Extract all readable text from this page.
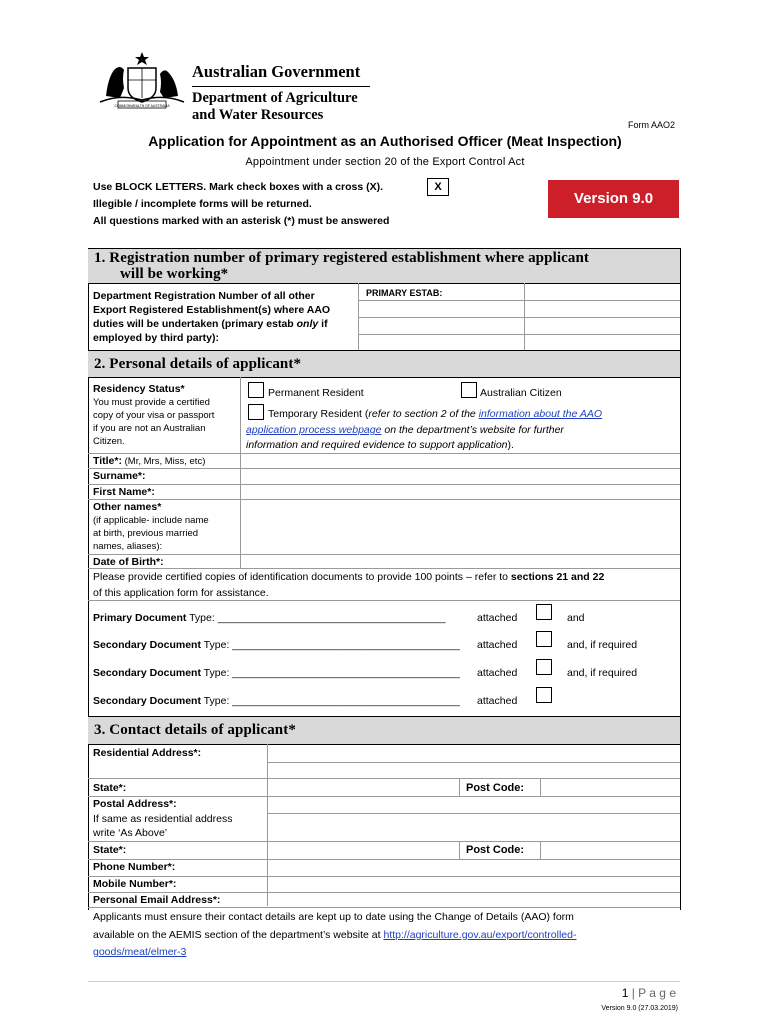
COMMONWEALTH OF AUSTRALIA
Australian Government
Department of Agriculture
and Water Resources
Form AAO2
Application for Appointment as an Authorised Officer (Meat Inspection)
Appointment under section 20 of the Export Control Act
Use BLOCK LETTERS. Mark check boxes with a cross (X).	X
Illegible / incomplete forms will be returned.
All questions marked with an asterisk (*) must be answered
Version 9.0
1. Registration number of primary registered establishment where applicant
will be working*
Department Registration Number of all other
Export Registered Establishment(s) where AAO
duties will be undertaken (primary estab only if
employed by third party):
PRIMARY ESTAB:
2. Personal details of applicant*
Residency Status*
You must provide a certified
copy of your visa or passport
if you are not an Australian
Citizen.
Permanent Resident	Australian Citizen
Temporary Resident (refer to section 2 of the information about the AAO
application process webpage on the department’s website for further
information and required evidence to support application).
Title*: (Mr, Mrs, Miss, etc)
Surname*:
First Name*:
Other names*
(if applicable- include name
at birth, previous married
names, aliases):
Date of Birth*:
Please provide certified copies of identification documents to provide 100 points – refer to sections 21 and 22
of this application form for assistance.
Primary Document Type: _______________________________________	attached	and
Secondary Document Type: _______________________________________ attached	and, if required
Secondary Document Type: _______________________________________ attached	and, if required
Secondary Document Type: _______________________________________ attached
3. Contact details of applicant*
Residential Address*:
State*:	Post Code:
Postal Address*:
If same as residential address
write ‘As Above’
State*:	Post Code:
Phone Number*:
Mobile Number*:
Personal Email Address*:
Applicants must ensure their contact details are kept up to date using the Change of Details (AAO) form
available on the AEMIS section of the department’s website at http://agriculture.gov.au/export/controlled-
goods/meat/elmer-3
1 | P a g e
Version 9.0 (27.03.2019)
